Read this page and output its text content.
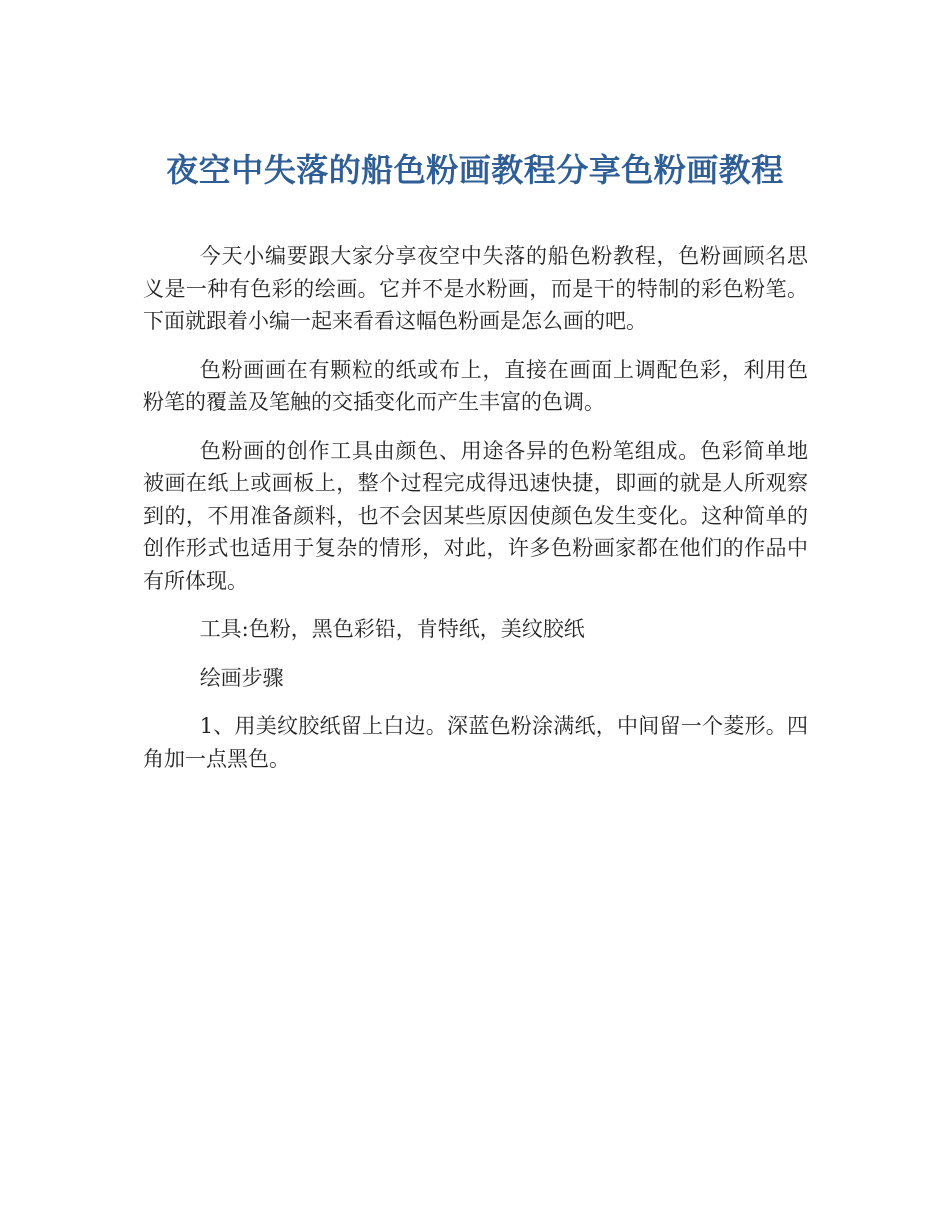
夜空中失落的船色粉画教程分享色粉画教程

今天小编要跟大家分享夜空中失落的船色粉教程，色粉画顾名思义是一种有色彩的绘画。它并不是水粉画，而是干的特制的彩色粉笔。下面就跟着小编一起来看看这幅色粉画是怎么画的吧。

色粉画画在有颗粒的纸或布上，直接在画面上调配色彩，利用色粉笔的覆盖及笔触的交插变化而产生丰富的色调。

色粉画的创作工具由颜色、用途各异的色粉笔组成。色彩简单地被画在纸上或画板上，整个过程完成得迅速快捷，即画的就是人所观察到的，不用准备颜料，也不会因某些原因使颜色发生变化。这种简单的创作形式也适用于复杂的情形，对此，许多色粉画家都在他们的作品中有所体现。

工具:色粉，黑色彩铅，肯特纸，美纹胶纸

绘画步骤

1、用美纹胶纸留上白边。深蓝色粉涂满纸，中间留一个菱形。四角加一点黑色。
